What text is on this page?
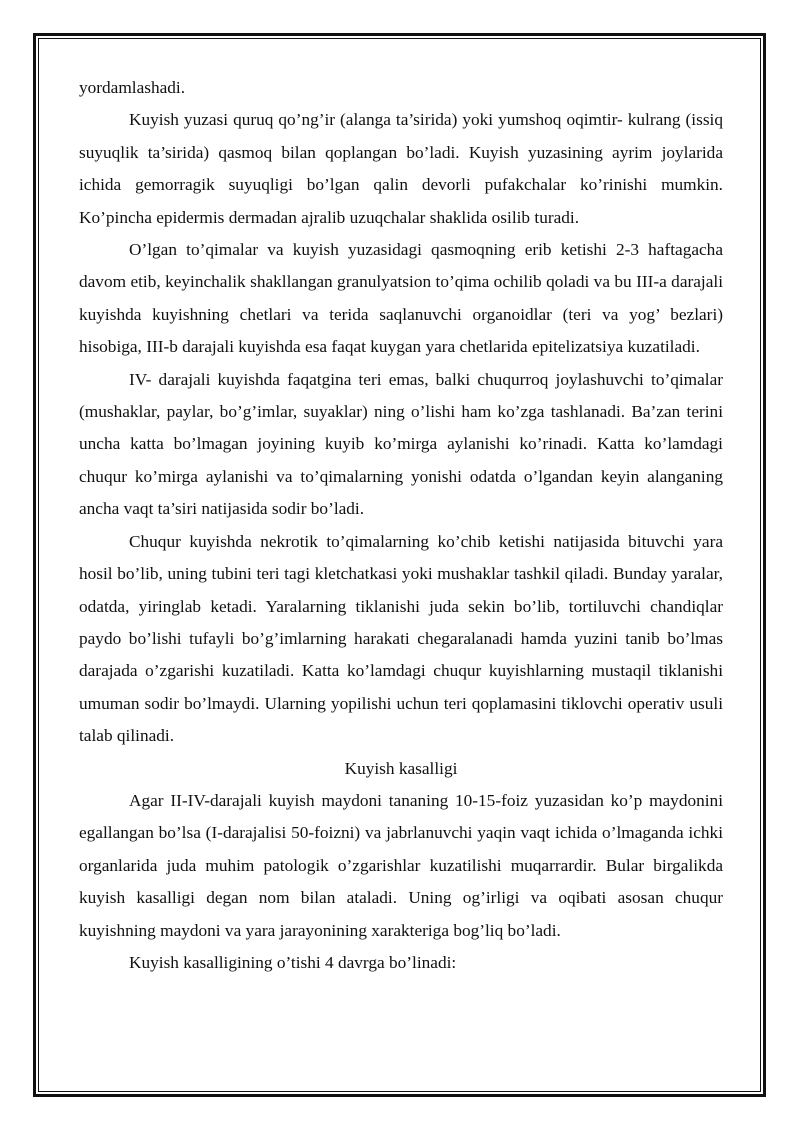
yordamlashadi.

Kuyish yuzasi quruq qo’ng’ir (alanga ta’sirida) yoki yumshoq oqimtir- kulrang (issiq suyuqlik ta’sirida) qasmoq bilan qoplangan bo’ladi. Kuyish yuzasining ayrim joylarida ichida gemorragik suyuqligi bo’lgan qalin devorli pufakchalar ko’rinishi mumkin. Ko’pincha epidermis dermadan ajralib uzuqchalar shaklida osilib turadi.

O’lgan to’qimalar va kuyish yuzasidagi qasmoqning erib ketishi 2-3 haftagacha davom etib, keyinchalik shakllangan granulyatsion to’qima ochilib qoladi va bu III-a darajali kuyishda kuyishning chetlari va terida saqlanuvchi organoidlar (teri va yog’ bezlari) hisobiga, III-b darajali kuyishda esa faqat kuygan yara chetlarida epitelizatsiya kuzatiladi.

IV- darajali kuyishda faqatgina teri emas, balki chuqurroq joylashuvchi to’qimalar (mushaklar, paylar, bo’g’imlar, suyaklar) ning o’lishi ham ko’zga tashlanadi. Ba’zan terini uncha katta bo’lmagan joyining kuyib ko’mirga aylanishi ko’rinadi. Katta ko’lamdagi chuqur ko’mirga aylanishi va to’qimalarning yonishi odatda o’lgandan keyin alanganing ancha vaqt ta’siri natijasida sodir bo’ladi.

Chuqur kuyishda nekrotik to’qimalarning ko’chib ketishi natijasida bituvchi yara hosil bo’lib, uning tubini teri tagi kletchatkasi yoki mushaklar tashkil qiladi. Bunday yaralar, odatda, yiringlab ketadi. Yaralarning tiklanishi juda sekin bo’lib, tortiluvchi chandiqlar paydo bo’lishi tufayli bo’g’imlarning harakati chegaralanadi hamda yuzini tanib bo’lmas darajada o’zgarishi kuzatiladi. Katta ko’lamdagi chuqur kuyishlarning mustaqil tiklanishi umuman sodir bo’lmaydi. Ularning yopilishi uchun teri qoplamasini tiklovchi operativ usuli talab qilinadi.

Kuyish kasalligi

Agar II-IV-darajali kuyish maydoni tananing 10-15-foiz yuzasidan ko’p maydonini egallangan bo’lsa (I-darajalisi 50-foizni) va jabrlanuvchi yaqin vaqt ichida o’lmaganda ichki organlarida juda muhim patologik o’zgarishlar kuzatilishi muqarrardir. Bular birgalikda kuyish kasalligi degan nom bilan ataladi. Uning og’irligi va oqibati asosan chuqur kuyishning maydoni va yara jarayonining xarakteriga bog’liq bo’ladi.

Kuyish kasalligining o’tishi 4 davrga bo’linadi:
